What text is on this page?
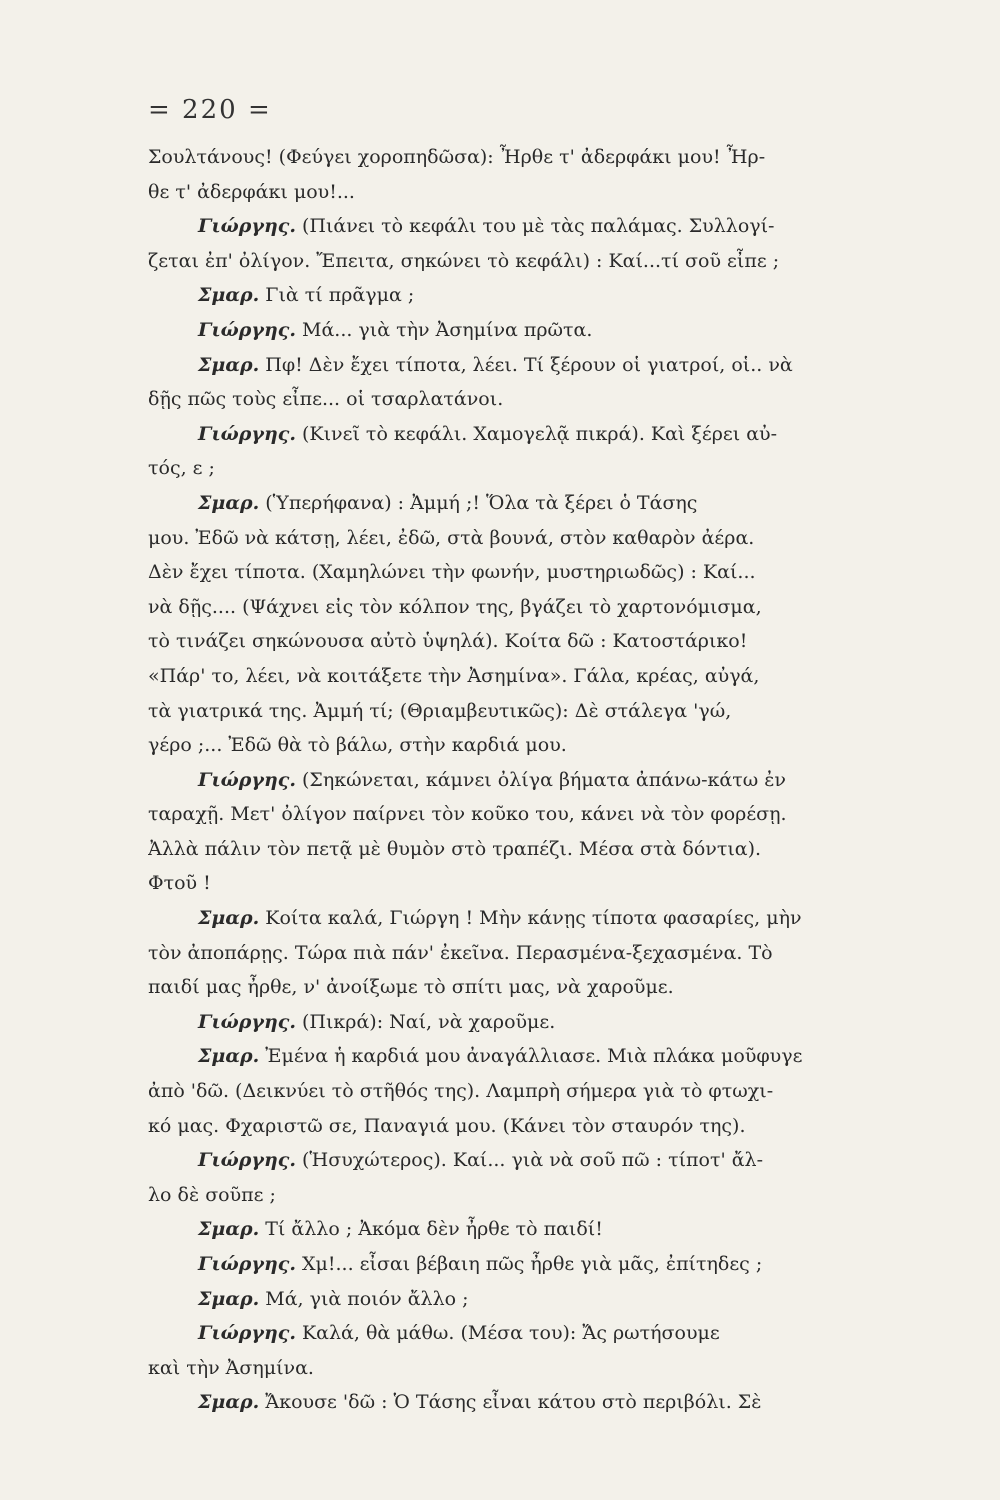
= 220 =
Σουλτάνους! (Φεύγει χοροπηδῶσα): Ἦρθε τ' ἀδερφάκι μου! Ἦρ-
θε τ' ἀδερφάκι μου!...
Γιώργης. (Πιάνει τὸ κεφάλι του μὲ τὰς παλάμας. Συλλογί-
ζεται ἐπ' ὀλίγον. Ἔπειτα, σηκώνει τὸ κεφάλι) : Καί...τί σοῦ εἶπε ;
Σμαρ. Γιὰ τί πρᾶγμα ;
Γιώργης. Μά... γιὰ τὴν Ἀσημίνα πρῶτα.
Σμαρ. Πφ! Δὲν ἔχει τίποτα, λέει. Τί ξέρουν οἱ γιατροί, οἱ.. νὰ
δῇς πῶς τοὺς εἶπε... οἱ τσαρλατάνοι.
Γιώργης. (Κινεῖ τὸ κεφάλι. Χαμογελᾷ πικρά). Καὶ ξέρει αὐ-
τός, ε ;
Σμαρ. (Ὑπερήφανα) : Ἀμμή ;! Ὅλα τὰ ξέρει ὁ Τάσης
μου. Ἐδῶ νὰ κάτσῃ, λέει, ἐδῶ, στὰ βουνά, στὸν καθαρὸν ἀέρα.
Δὲν ἔχει τίποτα. (Χαμηλώνει τὴν φωνήν, μυστηριωδῶς) : Καί...
νὰ δῇς.... (Ψάχνει εἰς τὸν κόλπον της, βγάζει τὸ χαρτονόμισμα,
τὸ τινάζει σηκώνουσα αὐτὸ ὑψηλά). Κοίτα δῶ : Κατοστάρικο!
«Πάρ' το, λέει, νὰ κοιτάξετε τὴν Ἀσημίνα». Γάλα, κρέας, αὐγά,
τὰ γιατρικά της. Ἀμμή τί; (Θριαμβευτικῶς): Δὲ στάλεγα 'γώ,
γέρο ;... Ἐδῶ θὰ τὸ βάλω, στὴν καρδιά μου.
Γιώργης. (Σηκώνεται, κάμνει ὀλίγα βήματα ἀπάνω-κάτω ἐν
ταραχῇ. Μετ' ὀλίγον παίρνει τὸν κοῦκο του, κάνει νὰ τὸν φορέσῃ.
Ἀλλὰ πάλιν τὸν πετᾷ μὲ θυμὸν στὸ τραπέζι. Μέσα στὰ δόντια).
Φτοῦ !
Σμαρ. Κοίτα καλά, Γιώργη ! Μὴν κάνῃς τίποτα φασαρίες, μὴν
τὸν ἀποπάρῃς. Τώρα πιὰ πάν' ἐκεῖνα. Περασμένα-ξεχασμένα. Τὸ
παιδί μας ἦρθε, ν' ἀνοίξωμε τὸ σπίτι μας, νὰ χαροῦμε.
Γιώργης. (Πικρά): Ναί, νὰ χαροῦμε.
Σμαρ. Ἐμένα ἡ καρδιά μου ἀναγάλλιασε. Μιὰ πλάκα μοῦφυγε
ἀπὸ 'δῶ. (Δεικνύει τὸ στῆθός της). Λαμπρὴ σήμερα γιὰ τὸ φτωχι-
κό μας. Φχαριστῶ σε, Παναγιά μου. (Κάνει τὸν σταυρόν της).
Γιώργης. (Ἡσυχώτερος). Καί... γιὰ νὰ σοῦ πῶ : τίποτ' ἄλ-
λο δὲ σοῦπε ;
Σμαρ. Τί ἄλλο ; Ἀκόμα δὲν ἦρθε τὸ παιδί!
Γιώργης. Χμ!... εἶσαι βέβαιη πῶς ἦρθε γιὰ μᾶς, ἐπίτηδες ;
Σμαρ. Μά, γιὰ ποιόν ἄλλο ;
Γιώργης. Καλά, θὰ μάθω. (Μέσα του): Ἄς ρωτήσουμε
καὶ τὴν Ἀσημίνα.
Σμαρ. Ἄκουσε 'δῶ : Ὁ Τάσης εἶναι κάτου στὸ περιβόλι. Σὲ
